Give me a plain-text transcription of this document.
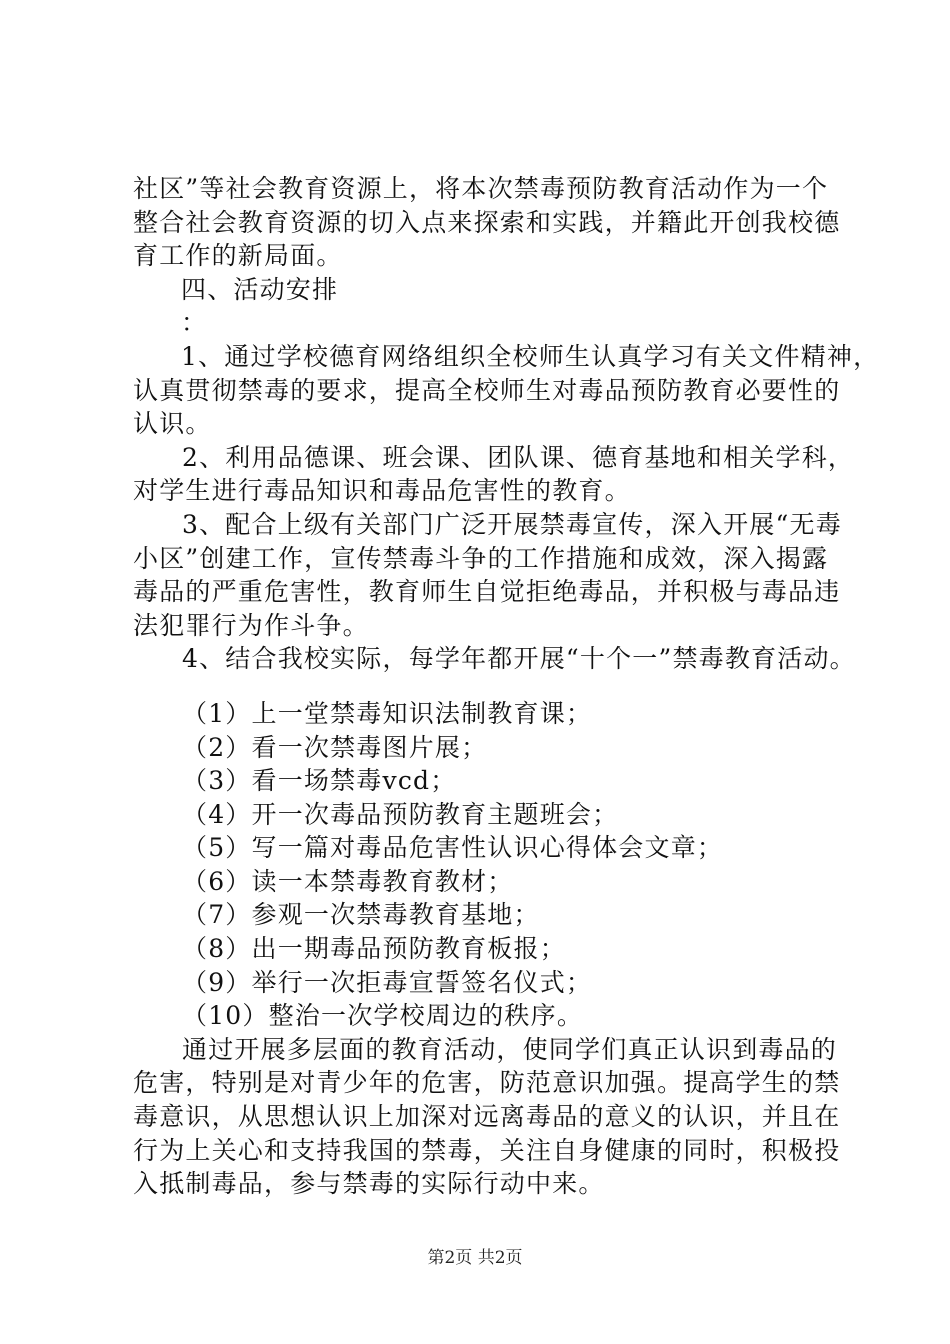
社区”等社会教育资源上，将本次禁毒预防教育活动作为一个
整合社会教育资源的切入点来探索和实践，并籍此开创我校德
育工作的新局面。
四、活动安排
：
1、通过学校德育网络组织全校师生认真学习有关文件精神，
认真贯彻禁毒的要求，提高全校师生对毒品预防教育必要性的
认识。
2、利用品德课、班会课、团队课、德育基地和相关学科，
对学生进行毒品知识和毒品危害性的教育。
3、配合上级有关部门广泛开展禁毒宣传，深入开展“无毒
小区”创建工作，宣传禁毒斗争的工作措施和成效，深入揭露
毒品的严重危害性，教育师生自觉拒绝毒品，并积极与毒品违
法犯罪行为作斗争。
4、结合我校实际，每学年都开展“十个一”禁毒教育活动。
（1）上一堂禁毒知识法制教育课；
（2）看一次禁毒图片展；
（3）看一场禁毒vcd；
（4）开一次毒品预防教育主题班会；
（5）写一篇对毒品危害性认识心得体会文章；
（6）读一本禁毒教育教材；
（7）参观一次禁毒教育基地；
（8）出一期毒品预防教育板报；
（9）举行一次拒毒宣誓签名仪式；
（10）整治一次学校周边的秩序。
通过开展多层面的教育活动，使同学们真正认识到毒品的
危害，特别是对青少年的危害，防范意识加强。提高学生的禁
毒意识，从思想认识上加深对远离毒品的意义的认识，并且在
行为上关心和支持我国的禁毒，关注自身健康的同时，积极投
入抵制毒品，参与禁毒的实际行动中来。
第2页 共2页
